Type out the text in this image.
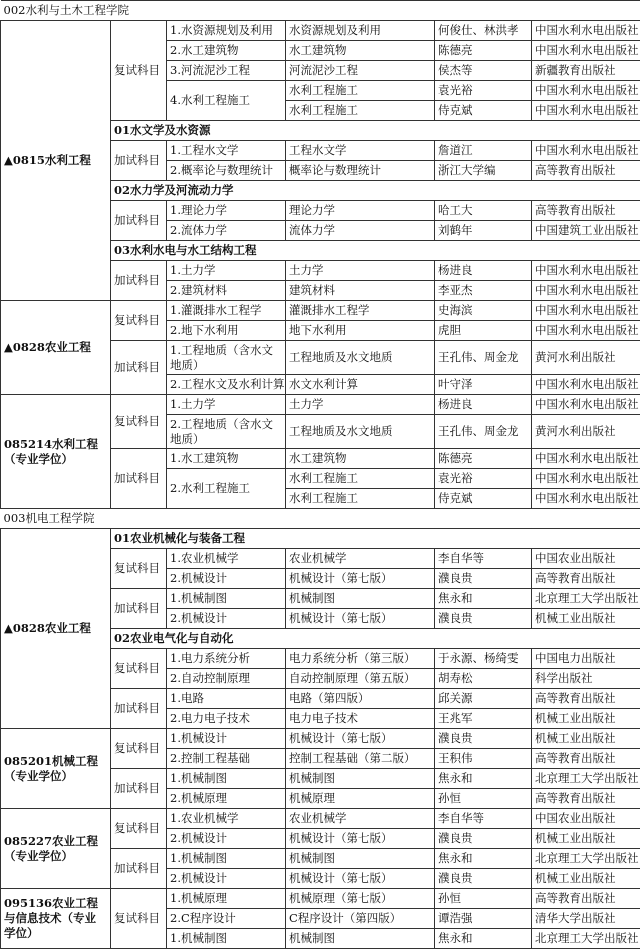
002水利与土木工程学院					
▲0815水利工程	复试科目	1.水资源规划及利用	水资源规划及利用	何俊仕、林洪孝	中国水利水电出版社
		2.水工建筑物	水工建筑物	陈德亮	中国水利水电出版社
		3.河流泥沙工程	河流泥沙工程	侯杰等	新疆教育出版社
		4.水利工程施工	水利工程施工	袁光裕	中国水利水电出版社
			水利工程施工	侍克斌	中国水利水电出版社
	01水文学及水资源				
	加试科目	1.工程水文学	工程水文学	詹道江	中国水利水电出版社
		2.概率论与数理统计	概率论与数理统计	浙江大学编	高等教育出版社
	02水力学及河流动力学				
	加试科目	1.理论力学	理论力学	哈工大	高等教育出版社
		2.流体力学	流体力学	刘鹤年	中国建筑工业出版社
	03水利水电与水工结构工程				
	加试科目	1.土力学	土力学	杨进良	中国水利水电出版社
		2.建筑材料	建筑材料	李亚杰	中国水利水电出版社
▲0828农业工程	复试科目	1.灌溉排水工程学	灌溉排水工程学	史海滨	中国水利水电出版社
		2.地下水利用	地下水利用	虎胆	中国水利水电出版社
	加试科目	1.工程地质（含水文地质）	工程地质及水文地质	王孔伟、周金龙	黄河水利出版社
		2.工程水文及水利计算	水文水利计算	叶守泽	中国水利水电出版社
085214水利工程（专业学位）	复试科目	1.土力学	土力学	杨进良	中国水利水电出版社
		2.工程地质（含水文地质）	工程地质及水文地质	王孔伟、周金龙	黄河水利出版社
	加试科目	1.水工建筑物	水工建筑物	陈德亮	中国水利水电出版社
		2.水利工程施工	水利工程施工	袁光裕	中国水利水电出版社
			水利工程施工	侍克斌	中国水利水电出版社
003机电工程学院					
▲0828农业工程	01农业机械化与装备工程				
	复试科目	1.农业机械学	农业机械学	李自华等	中国农业出版社
		2.机械设计	机械设计（第七版）	濮良贵	高等教育出版社
	加试科目	1.机械制图	机械制图	焦永和	北京理工大学出版社
		2.机械设计	机械设计（第七版）	濮良贵	机械工业出版社
	02农业电气化与自动化				
	复试科目	1.电力系统分析	电力系统分析（第三版）	于永源、杨绮雯	中国电力出版社
		2.自动控制原理	自动控制原理（第五版）	胡寿松	科学出版社
	加试科目	1.电路	电路（第四版）	邱关源	高等教育出版社
		2.电力电子技术	电力电子技术	王兆军	机械工业出版社
085201机械工程（专业学位）	复试科目	1.机械设计	机械设计（第七版）	濮良贵	机械工业出版社
		2.控制工程基础	控制工程基础（第二版）	王积伟	高等教育出版社
	加试科目	1.机械制图	机械制图	焦永和	北京理工大学出版社
		2.机械原理	机械原理	孙恒	高等教育出版社
085227农业工程（专业学位）	复试科目	1.农业机械学	农业机械学	李自华等	中国农业出版社
		2.机械设计	机械设计（第七版）	濮良贵	机械工业出版社
	加试科目	1.机械制图	机械制图	焦永和	北京理工大学出版社
		2.机械设计	机械设计（第七版）	濮良贵	机械工业出版社
095136农业工程与信息技术（专业学位）	复试科目	1.机械原理	机械原理（第七版）	孙恒	高等教育出版社
		2.C程序设计	C程序设计（第四版）	谭浩强	清华大学出版社
		1.机械制图	机械制图	焦永和	北京理工大学出版社
